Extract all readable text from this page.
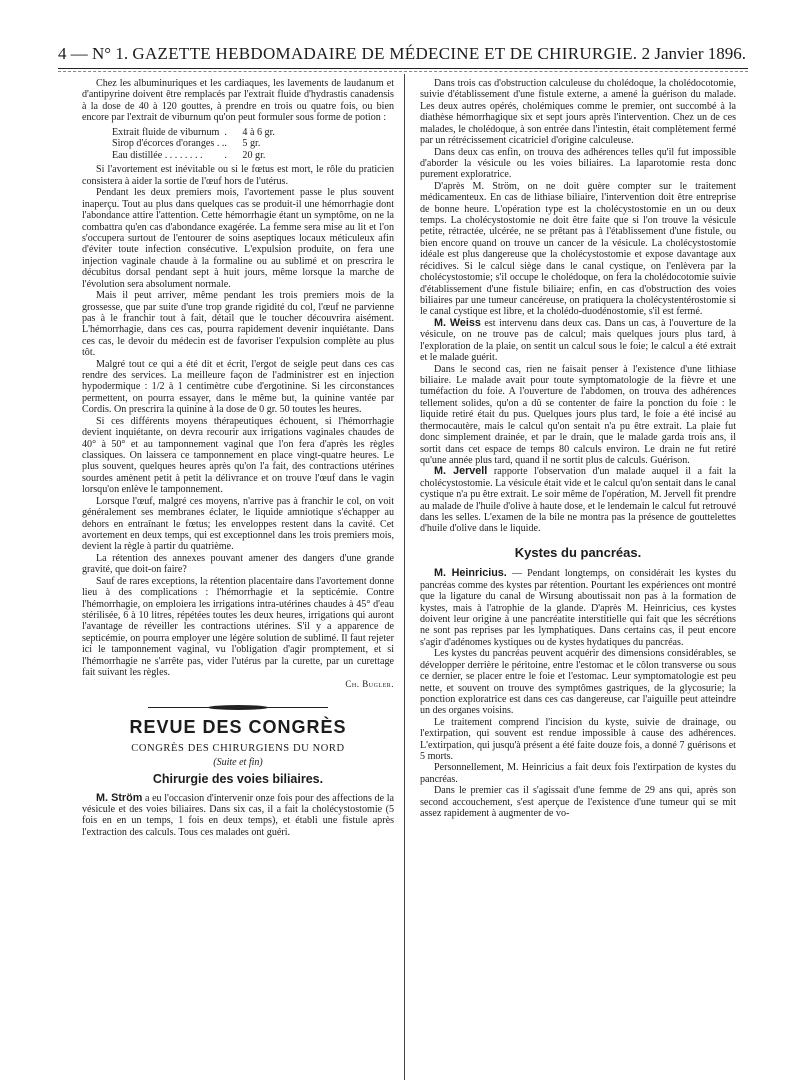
4 — N° 1. GAZETTE HEBDOMADAIRE DE MÉDECINE ET DE CHIRURGIE. 2 Janvier 1896.

Chez les albuminuriques et les cardiaques, les lavements de laudanum et d'antipyrine doivent être remplacés par l'extrait fluide d'hydrastis canadensis à la dose de 40 à 120 gouttes, à prendre en trois ou quatre fois, ou bien encore par l'extrait de viburnum qu'on peut formuler sous forme de potion :

Extrait fluide de viburnum	.	4 à 6 gr.
Sirop d'écorces d'oranges . .	.	5 gr.
Eau distillée . . . . . . . .	.	20 gr.

Si l'avortement est inévitable ou si le fœtus est mort, le rôle du praticien consistera à aider la sortie de l'œuf hors de l'utérus.

Pendant les deux premiers mois, l'avortement passe le plus souvent inaperçu. Tout au plus dans quelques cas se produit-il une hémorrhagie dont l'abondance attire l'attention. Cette hémorrhagie étant un symptôme, on ne la combattra qu'en cas d'abondance exagérée. La femme sera mise au lit et l'on s'occupera surtout de l'entourer de soins aseptiques locaux méticuleux afin d'éviter toute infection consécutive. L'expulsion produite, on fera une injection vaginale chaude à la formaline ou au sublimé et on prescrira le décubitus dorsal pendant sept à huit jours, même lorsque la marche de l'évolution sera absolument normale.

Mais il peut arriver, même pendant les trois premiers mois de la grossesse, que par suite d'une trop grande rigidité du col, l'œuf ne parvienne pas à le franchir tout à fait, détail que le toucher découvrira aisément. L'hémorrhagie, dans ces cas, pourra rapidement devenir inquiétante. Dans ces cas, le devoir du médecin est de favoriser l'expulsion complète au plus tôt.

Malgré tout ce qui a été dit et écrit, l'ergot de seigle peut dans ces cas rendre des services. La meilleure façon de l'administrer est en injection hypodermique : 1/2 à 1 centimètre cube d'ergotinine. Si les circonstances permettent, on pourra essayer, dans le même but, la quinine vantée par Cordis. On prescrira la quinine à la dose de 0 gr. 50 toutes les heures.

Si ces différents moyens thérapeutiques échouent, si l'hémorrhagie devient inquiétante, on devra recourir aux irrigations vaginales chaudes de 40° à 50° et au tamponnement vaginal que l'on fera d'après les règles classiques. On laissera ce tamponnement en place vingt-quatre heures. Le plus souvent, quelques heures après qu'on l'a fait, des contractions utérines sourdes amènent petit à petit la délivrance et on trouve l'œuf dans le vagin lorsqu'on enlève le tamponnement.

Lorsque l'œuf, malgré ces moyens, n'arrive pas à franchir le col, on voit généralement ses membranes éclater, le liquide amniotique s'échapper au dehors en entraînant le fœtus; les enveloppes restent dans la cavité. Cet avortement en deux temps, qui est exceptionnel dans les trois premiers mois, devient la règle à partir du quatrième.

La rétention des annexes pouvant amener des dangers d'une grande gravité, que doit-on faire?

Sauf de rares exceptions, la rétention placentaire dans l'avortement donne lieu à des complications : l'hémorrhagie et la septicémie. Contre l'hémorrhagie, on emploiera les irrigations intra-utérines chaudes à 45° d'eau stérilisée, 6 à 10 litres, répétées toutes les deux heures, irrigations qui auront l'avantage de réveiller les contractions utérines. S'il y a apparence de septicémie, on pourra employer une légère solution de sublimé. Il faut rejeter ici le tamponnement vaginal, vu l'obligation d'agir promptement, et si l'hémorrhagie ne s'arrête pas, vider l'utérus par la curette, par un curettage fait suivant les règles.

Ch. Bugler.
REVUE DES CONGRÈS
CONGRÈS DES CHIRURGIENS DU NORD
(Suite et fin)
Chirurgie des voies biliaires.

M. Ström a eu l'occasion d'intervenir onze fois pour des affections de la vésicule et des voies biliaires. Dans six cas, il a fait la cholécystostomie (5 fois en en un temps, 1 fois en deux temps), et établi une fistule après l'extraction des calculs. Tous ces malades ont guéri.

Dans trois cas d'obstruction calculeuse du cholédoque, la cholédocotomie, suivie d'établissement d'une fistule externe, a amené la guérison du malade. Les deux autres opérés, cholémiques comme le premier, ont succombé à la diathèse hémorrhagique six et sept jours après l'intervention. Chez un de ces malades, le cholédoque, à son entrée dans l'intestin, était complètement fermé par un rétrécissement cicatriciel d'origine calculeuse.

Dans deux cas enfin, on trouva des adhérences telles qu'il fut impossible d'aborder la vésicule ou les voies biliaires. La laparotomie resta donc purement exploratrice.

D'après M. Ström, on ne doit guère compter sur le traitement médicamenteux. En cas de lithiase biliaire, l'intervention doit être entreprise de bonne heure. L'opération type est la cholécystostomie en un ou deux temps. La cholécystostomie ne doit être faite que si l'on trouve la vésicule petite, rétractée, ulcérée, ne se prêtant pas à l'établissement d'une fistule, ou bien encore quand on trouve un cancer de la vésicule. La cholécystostomie idéale est plus dangereuse que la cholécystostomie et expose davantage aux récidives. Si le calcul siège dans le canal cystique, on l'enlèvera par la cholécystostomie; s'il occupe le cholédoque, on fera la cholédocotomie suivie d'établissement d'une fistule biliaire; enfin, en cas d'obstruction des voies biliaires par une tumeur cancéreuse, on pratiquera la cholécystentérostomie si le canal cystique est libre, et la cholédo-duodénostomie, s'il est fermé.

M. Weiss est intervenu dans deux cas. Dans un cas, à l'ouverture de la vésicule, on ne trouve pas de calcul; mais quelques jours plus tard, à l'exploration de la plaie, on sentit un calcul sous le foie; le calcul a été extrait et le malade guérit.

Dans le second cas, rien ne faisait penser à l'existence d'une lithiase biliaire. Le malade avait pour toute symptomatologie de la fièvre et une tuméfaction du foie. A l'ouverture de l'abdomen, on trouva des adhérences tellement solides, qu'on a dû se contenter de faire la ponction du foie : le liquide retiré était du pus. Quelques jours plus tard, le foie a été incisé au thermocautère, mais le calcul qu'on sentait n'a pu être extrait. La plaie fut donc simplement drainée, et par le drain, que le malade garda trois ans, il sortit dans cet espace de temps 80 calculs environ. Le drain ne fut retiré qu'une année plus tard, quand il ne sortit plus de calculs. Guérison.

M. Jervell rapporte l'observation d'un malade auquel il a fait la cholécystostomie. La vésicule était vide et le calcul qu'on sentait dans le canal cystique n'a pu être extrait. Le soir même de l'opération, M. Jervell fit prendre au malade de l'huile d'olive à haute dose, et le lendemain le calcul fut retrouvé dans les selles. L'examen de la bile ne montra pas la présence de gouttelettes d'huile d'olive dans le liquide.

Kystes du pancréas.

M. Heinricius. — Pendant longtemps, on considérait les kystes du pancréas comme des kystes par rétention. Pourtant les expériences ont montré que la ligature du canal de Wirsung aboutissait non pas à la formation de kystes, mais à l'atrophie de la glande. D'après M. Heinricius, ces kystes doivent leur origine à une pancréatite interstitielle qui fait que les sécrétions ne sont pas reprises par les lymphatiques. Dans certains cas, il peut encore s'agir d'adénomes kystiques ou de kystes hydatiques du pancréas.

Les kystes du pancréas peuvent acquérir des dimensions considérables, se développer derrière le péritoine, entre l'estomac et le côlon transverse ou sous ce dernier, se placer entre le foie et l'estomac. Leur symptomatologie est peu nette, et souvent on trouve des symptômes gastriques, de la glycosurie; la ponction exploratrice est dans ces cas dangereuse, car l'aiguille peut atteindre un des organes voisins.

Le traitement comprend l'incision du kyste, suivie de drainage, ou l'extirpation, qui souvent est rendue impossible à cause des adhérences. L'extirpation, qui jusqu'à présent a été faite douze fois, a donné 7 guérisons et 5 morts.

Personnellement, M. Heinricius a fait deux fois l'extirpation de kystes du pancréas.

Dans le premier cas il s'agissait d'une femme de 29 ans qui, après son second accouchement, s'est aperçue de l'existence d'une tumeur qui se mit assez rapidement à augmenter de vo-
